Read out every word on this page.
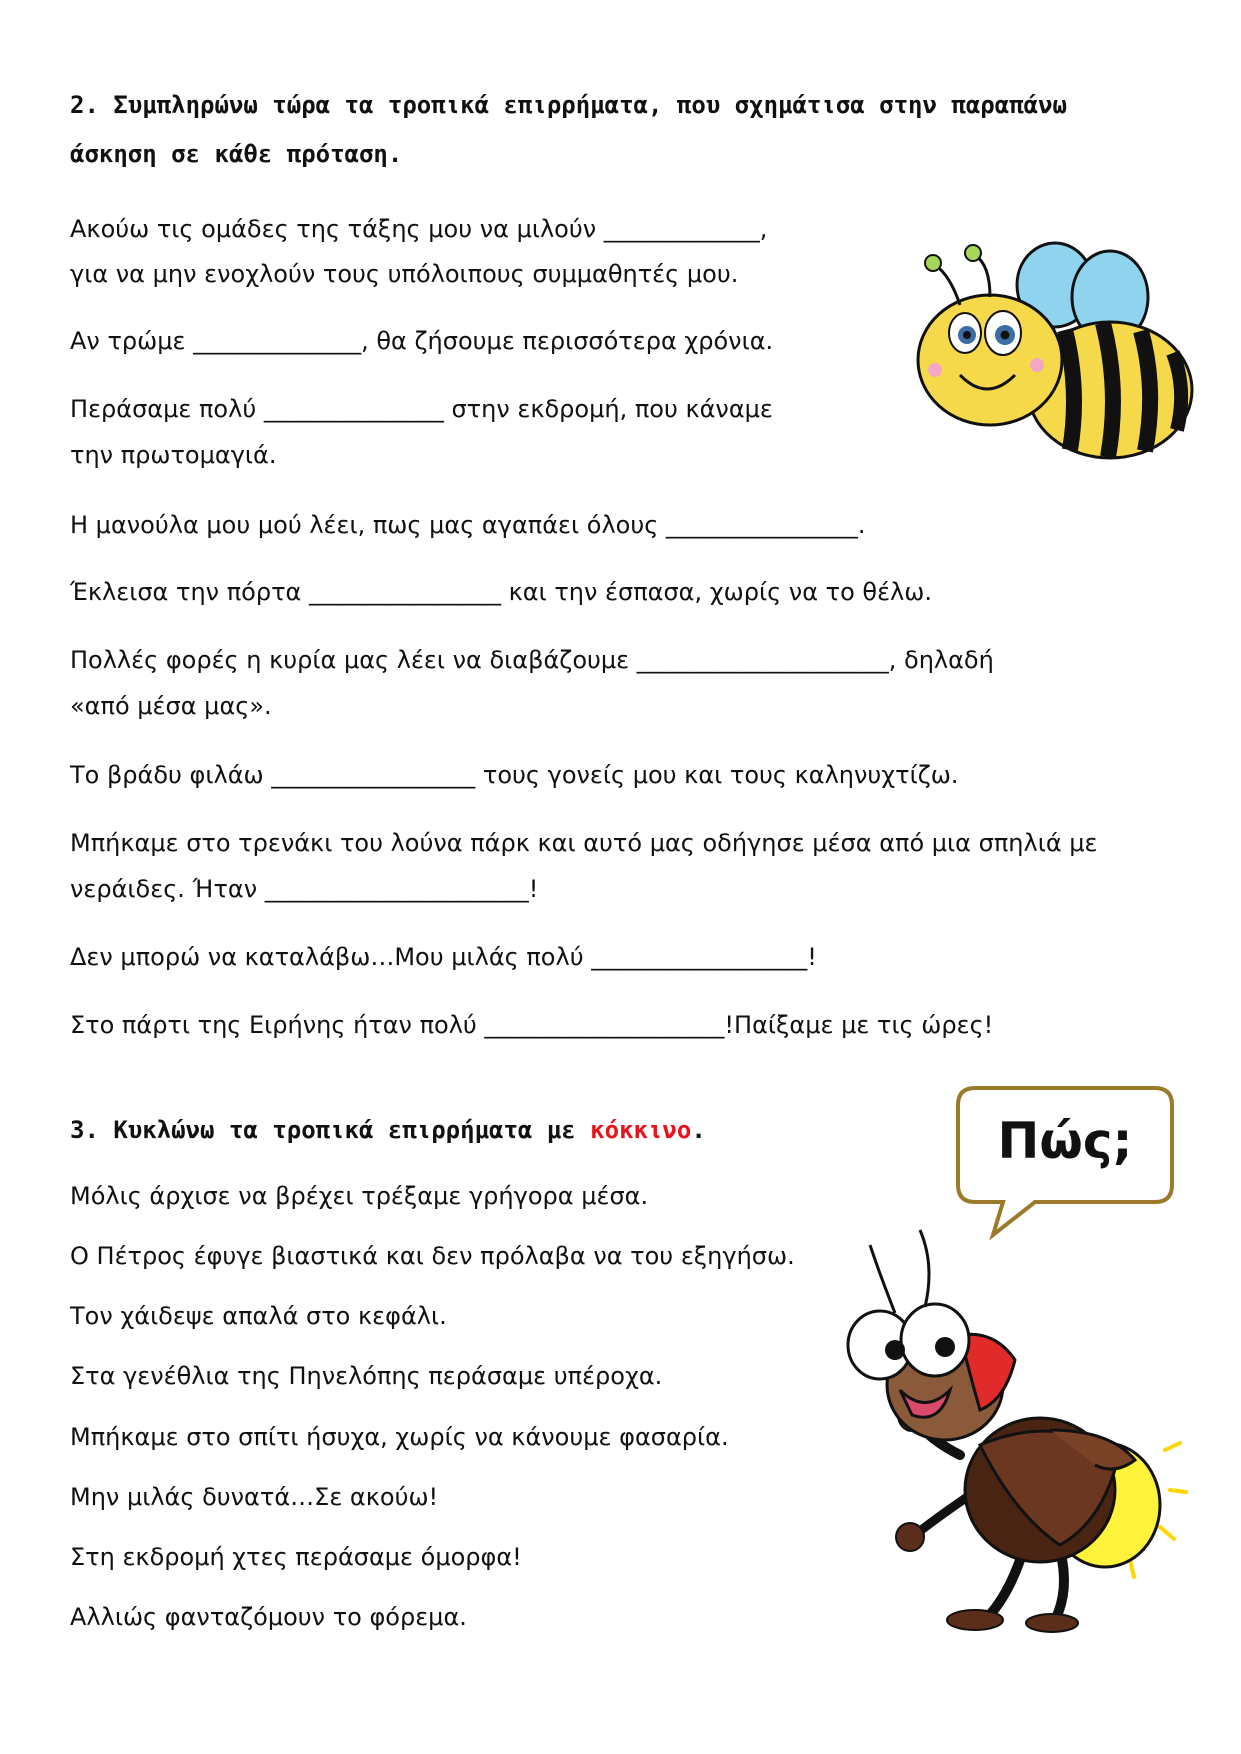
2. Συμπληρώνω τώρα τα τροπικά επιρρήματα, που σχημάτισα στην παραπάνω
άσκηση σε κάθε πρόταση.
Ακούω τις ομάδες της τάξης μου να μιλούν _____________,
για να μην ενοχλούν τους υπόλοιπους συμμαθητές μου.
Αν τρώμε ______________, θα ζήσουμε περισσότερα χρόνια.
Περάσαμε πολύ _______________ στην εκδρομή, που κάναμε
την πρωτομαγιά.
Η μανούλα μου μού λέει, πως μας αγαπάει όλους ________________.
Έκλεισα την πόρτα ________________ και την έσπασα, χωρίς να το θέλω.
Πολλές φορές η κυρία μας λέει να διαβάζουμε _____________________, δηλαδή
«από μέσα μας».
Το βράδυ φιλάω _________________ τους γονείς μου και τους καληνυχτίζω.
Μπήκαμε στο τρενάκι του λούνα πάρκ και αυτό μας οδήγησε μέσα από μια σπηλιά με
νεράιδες. Ήταν ______________________!
Δεν μπορώ να καταλάβω…Μου μιλάς πολύ __________________!
Στο πάρτι της Ειρήνης ήταν πολύ ____________________!Παίξαμε με τις ώρες!
3. Κυκλώνω τα τροπικά επιρρήματα με κόκκινο.
Μόλις άρχισε να βρέχει τρέξαμε γρήγορα μέσα.
Ο Πέτρος έφυγε βιαστικά και δεν πρόλαβα να του εξηγήσω.
Τον χάιδεψε απαλά στο κεφάλι.
Στα γενέθλια της Πηνελόπης περάσαμε υπέροχα.
Μπήκαμε στο σπίτι ήσυχα, χωρίς να κάνουμε φασαρία.
Μην μιλάς δυνατά…Σε ακούω!
Στη εκδρομή χτες περάσαμε όμορφα!
Αλλιώς φανταζόμουν το φόρεμα.
Πώς;
